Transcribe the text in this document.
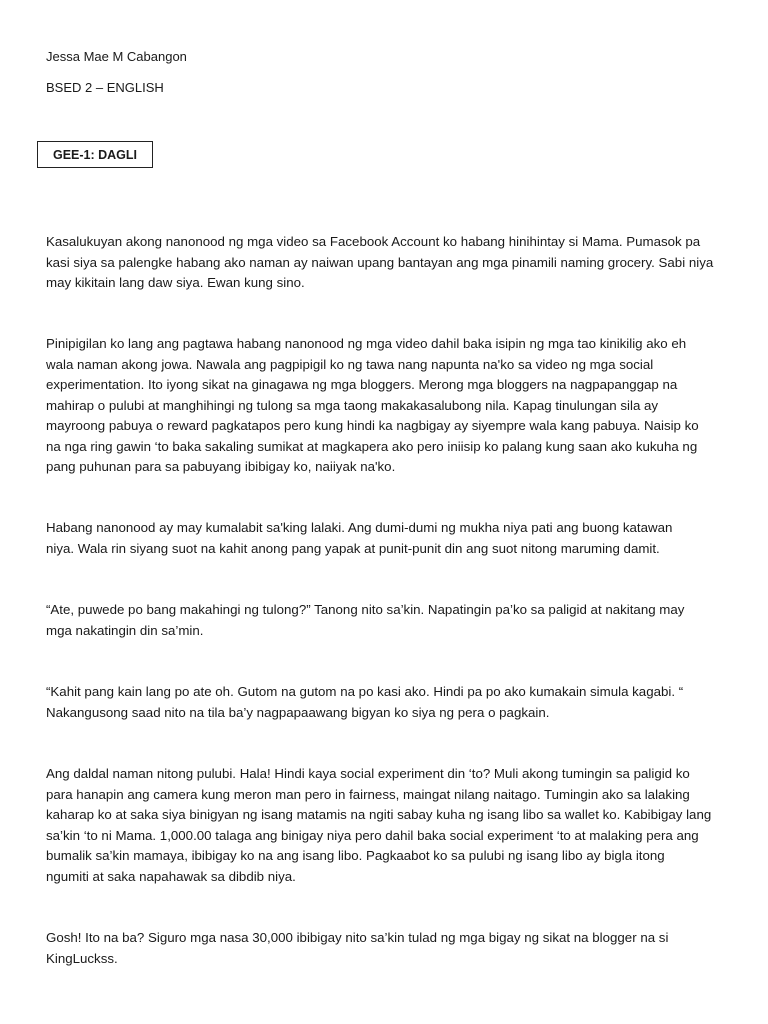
Jessa Mae M Cabangon
BSED 2 – ENGLISH
GEE-1: DAGLI

Kasalukuyan akong nanonood ng mga video sa Facebook Account ko habang hinihintay si Mama. Pumasok pa
kasi siya sa palengke habang ako naman ay naiwan upang bantayan ang mga pinamili naming grocery. Sabi niya
may kikitain lang daw siya. Ewan kung sino.

Pinipigilan ko lang ang pagtawa habang nanonood ng mga video dahil baka isipin ng mga tao kinikilig ako eh
wala naman akong jowa. Nawala ang pagpipigil ko ng tawa nang napunta na'ko sa video ng mga social
experimentation. Ito iyong sikat na ginagawa ng mga bloggers. Merong mga bloggers na nagpapanggap na
mahirap o pulubi at manghihingi ng tulong sa mga taong makakasalubong nila. Kapag tinulungan sila ay
mayroong pabuya o reward pagkatapos pero kung hindi ka nagbigay ay siyempre wala kang pabuya. Naisip ko
na nga ring gawin ‘to baka sakaling sumikat at magkapera ako pero iniisip ko palang kung saan ako kukuha ng
pang puhunan para sa pabuyang ibibigay ko, naiiyak na'ko.

Habang nanonood ay may kumalabit sa'king lalaki. Ang dumi-dumi ng mukha niya pati ang buong katawan
niya. Wala rin siyang suot na kahit anong pang yapak at punit-punit din ang suot nitong maruming damit.

“Ate, puwede po bang makahingi ng tulong?” Tanong nito sa’kin. Napatingin pa’ko sa paligid at nakitang may
mga nakatingin din sa’min.

“Kahit pang kain lang po ate oh. Gutom na gutom na po kasi ako. Hindi pa po ako kumakain simula kagabi. “
Nakangusong saad nito na tila ba’y nagpapaawang bigyan ko siya ng pera o pagkain.

Ang daldal naman nitong pulubi. Hala! Hindi kaya social experiment din ‘to? Muli akong tumingin sa paligid ko
para hanapin ang camera kung meron man pero in fairness, maingat nilang naitago. Tumingin ako sa lalaking
kaharap ko at saka siya binigyan ng isang matamis na ngiti sabay kuha ng isang libo sa wallet ko. Kabibigay lang
sa’kin ‘to ni Mama. 1,000.00 talaga ang binigay niya pero dahil baka social experiment ‘to at malaking pera ang
bumalik sa’kin mamaya, ibibigay ko na ang isang libo. Pagkaabot ko sa pulubi ng isang libo ay bigla itong
ngumiti at saka napahawak sa dibdib niya.

Gosh! Ito na ba? Siguro mga nasa 30,000 ibibigay nito sa’kin tulad ng mga bigay ng sikat na blogger na si
KingLuckss.
